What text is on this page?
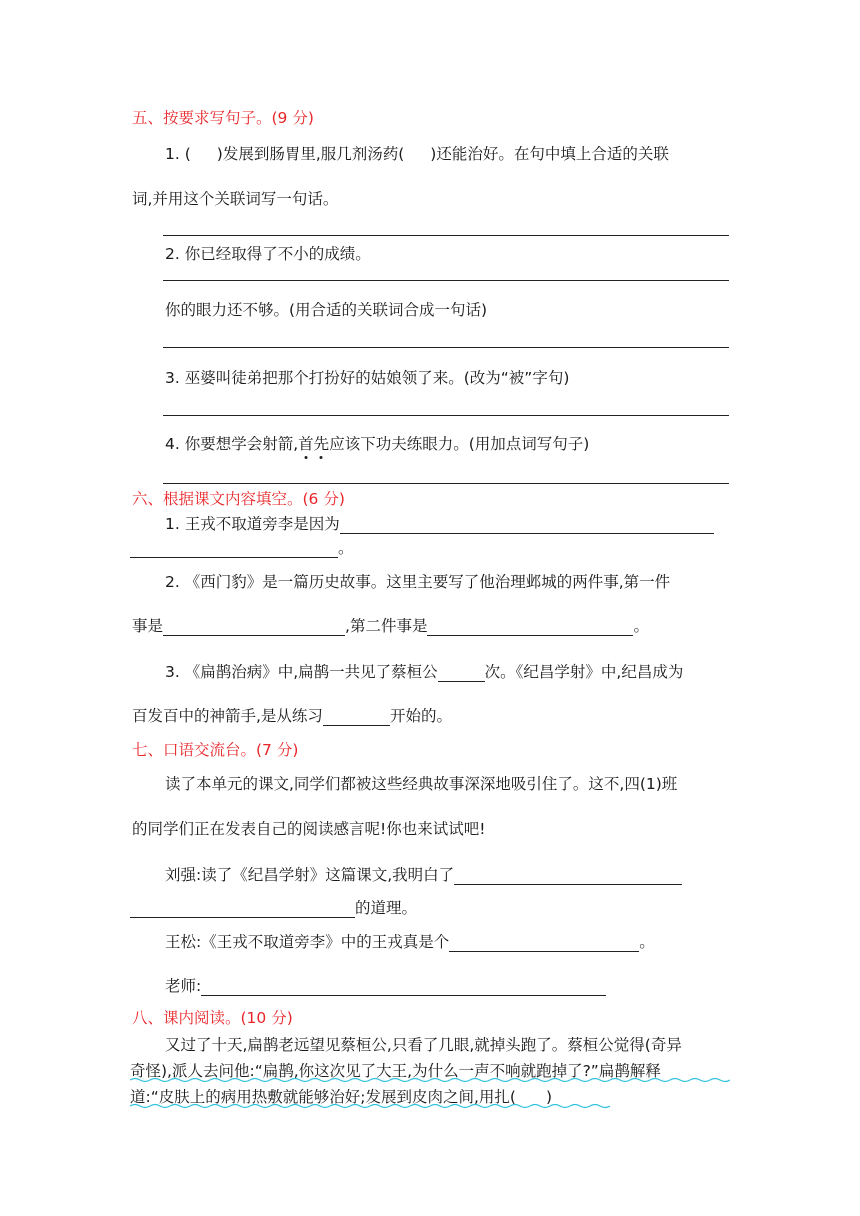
五、按要求写句子。(9 分)
1. ( )发展到肠胃里,服几剂汤药( )还能治好。在句中填上合适的关联
词,并用这个关联词写一句话。
2. 你已经取得了不小的成绩。
你的眼力还不够。(用合适的关联词合成一句话)
3. 巫婆叫徒弟把那个打扮好的姑娘领了来。(改为“被”字句)
4. 你要想学会射箭,首先应该下功夫练眼力。(用加点词写句子)
六、根据课文内容填空。(6 分)
1. 王戎不取道旁李是因为
。
2. 《西门豹》是一篇历史故事。这里主要写了他治理邺城的两件事,第一件
事是	,第二件事是	。
3. 《扁鹊治病》中,扁鹊一共见了蔡桓公	次。《纪昌学射》中,纪昌成为
百发百中的神箭手,是从练习	开始的。
七、口语交流台。(7 分)
读了本单元的课文,同学们都被这些经典故事深深地吸引住了。这不,四(1)班
的同学们正在发表自己的阅读感言呢!你也来试试吧!
刘强:读了《纪昌学射》这篇课文,我明白了
的道理。
王松:《王戎不取道旁李》中的王戎真是个	。
老师:
八、课内阅读。(10 分)
又过了十天,扁鹊老远望见蔡桓公,只看了几眼,就掉头跑了。蔡桓公觉得(奇异
奇怪),派人去问他:“扁鹊,你这次见了大王,为什么一声不响就跑掉了?”扁鹊解释
道:“皮肤上的病用热敷就能够治好;发展到皮肉之间,用扎( )
